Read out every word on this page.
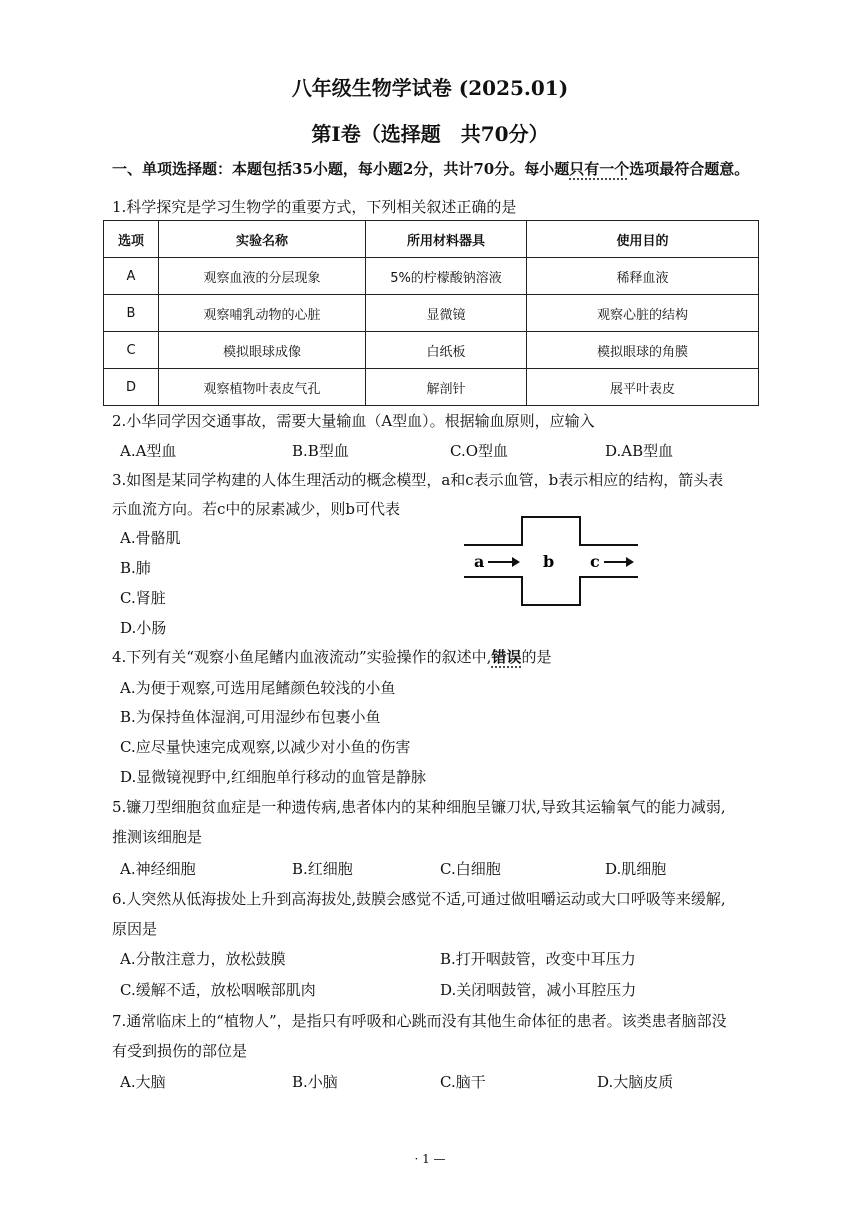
八年级生物学试卷 (2025.01)
第Ⅰ卷（选择题　共70分）
一、单项选择题：本题包括35小题，每小题2分，共计70分。每小题只有一个选项最符合题意。
1.科学探究是学习生物学的重要方式，下列相关叙述正确的是
选项	实验名称	所用材料器具	使用目的
A	观察血液的分层现象	5%的柠檬酸钠溶液	稀释血液
B	观察哺乳动物的心脏	显微镜	观察心脏的结构
C	模拟眼球成像	白纸板	模拟眼球的角膜
D	观察植物叶表皮气孔	解剖针	展平叶表皮
2.小华同学因交通事故，需要大量输血（A型血）。根据输血原则，应输入
A.A型血	B.B型血	C.O型血	D.AB型血
3.如图是某同学构建的人体生理活动的概念模型，a和c表示血管，b表示相应的结构，箭头表
示血流方向。若c中的尿素减少，则b可代表
A.骨骼肌
B.肺
C.肾脏
D.小肠
a	b c
4.下列有关“观察小鱼尾鳍内血液流动”实验操作的叙述中,错误的是
A.为便于观察,可选用尾鳍颜色较浅的小鱼
B.为保持鱼体湿润,可用湿纱布包裹小鱼
C.应尽量快速完成观察,以减少对小鱼的伤害
D.显微镜视野中,红细胞单行移动的血管是静脉
5.镰刀型细胞贫血症是一种遗传病,患者体内的某种细胞呈镰刀状,导致其运输氧气的能力减弱,
推测该细胞是
A.神经细胞	B.红细胞	C.白细胞	D.肌细胞
6.人突然从低海拔处上升到高海拔处,鼓膜会感觉不适,可通过做咀嚼运动或大口呼吸等来缓解,
原因是
A.分散注意力，放松鼓膜	B.打开咽鼓管，改变中耳压力
C.缓解不适，放松咽喉部肌肉	D.关闭咽鼓管，减小耳腔压力
7.通常临床上的“植物人”，是指只有呼吸和心跳而没有其他生命体征的患者。该类患者脑部没
有受到损伤的部位是
A.大脑	B.小脑	C.脑干	D.大脑皮质
· 1 —
